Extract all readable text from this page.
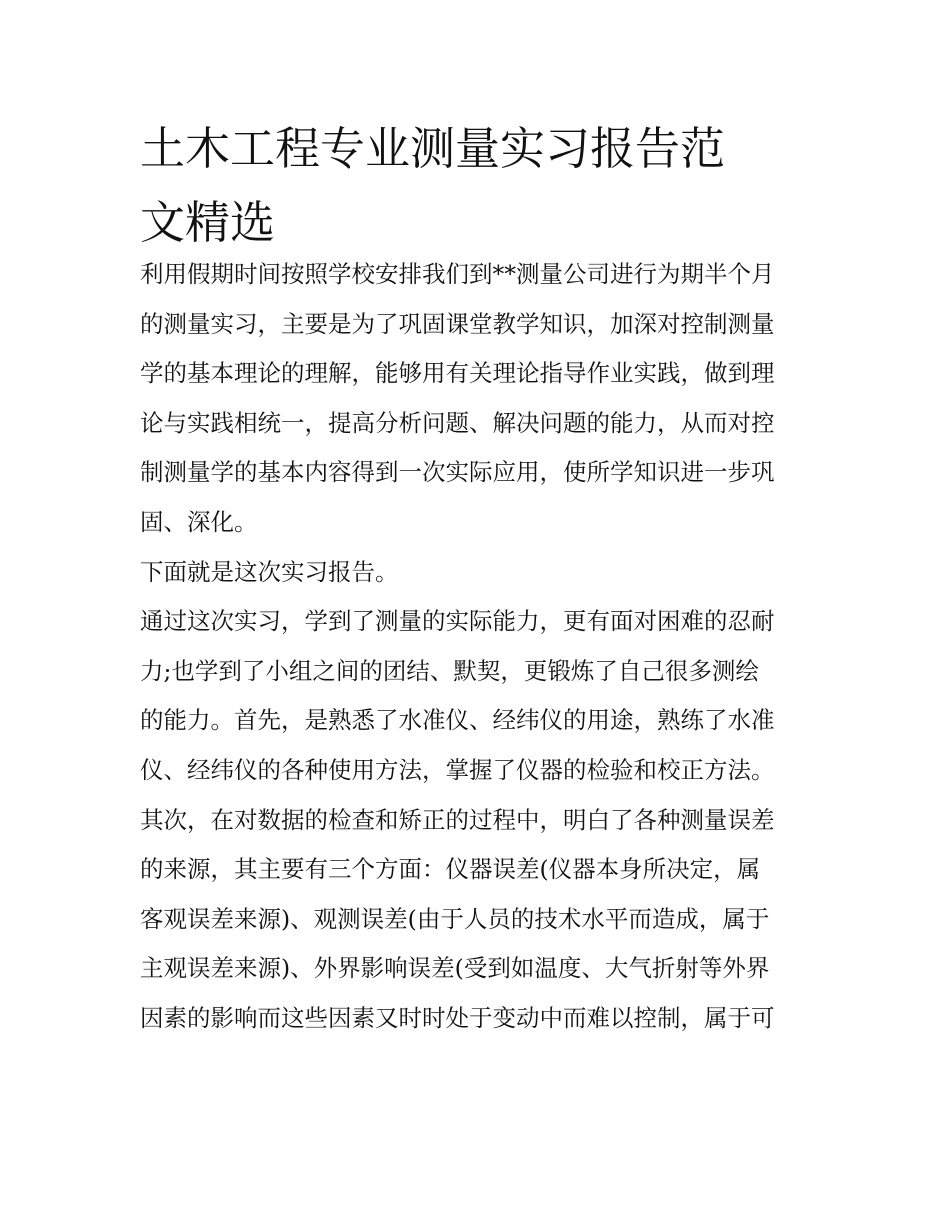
土木工程专业测量实习报告范
文精选
利用假期时间按照学校安排我们到**测量公司进行为期半个月
的测量实习，主要是为了巩固课堂教学知识，加深对控制测量
学的基本理论的理解，能够用有关理论指导作业实践，做到理
论与实践相统一，提高分析问题、解决问题的能力，从而对控
制测量学的基本内容得到一次实际应用，使所学知识进一步巩
固、深化。
下面就是这次实习报告。
通过这次实习，学到了测量的实际能力，更有面对困难的忍耐
力;也学到了小组之间的团结、默契，更锻炼了自己很多测绘
的能力。首先，是熟悉了水准仪、经纬仪的用途，熟练了水准
仪、经纬仪的各种使用方法，掌握了仪器的检验和校正方法。
其次，在对数据的检查和矫正的过程中，明白了各种测量误差
的来源，其主要有三个方面：仪器误差(仪器本身所决定，属
客观误差来源)、观测误差(由于人员的技术水平而造成，属于
主观误差来源)、外界影响误差(受到如温度、大气折射等外界
因素的影响而这些因素又时时处于变动中而难以控制，属于可
